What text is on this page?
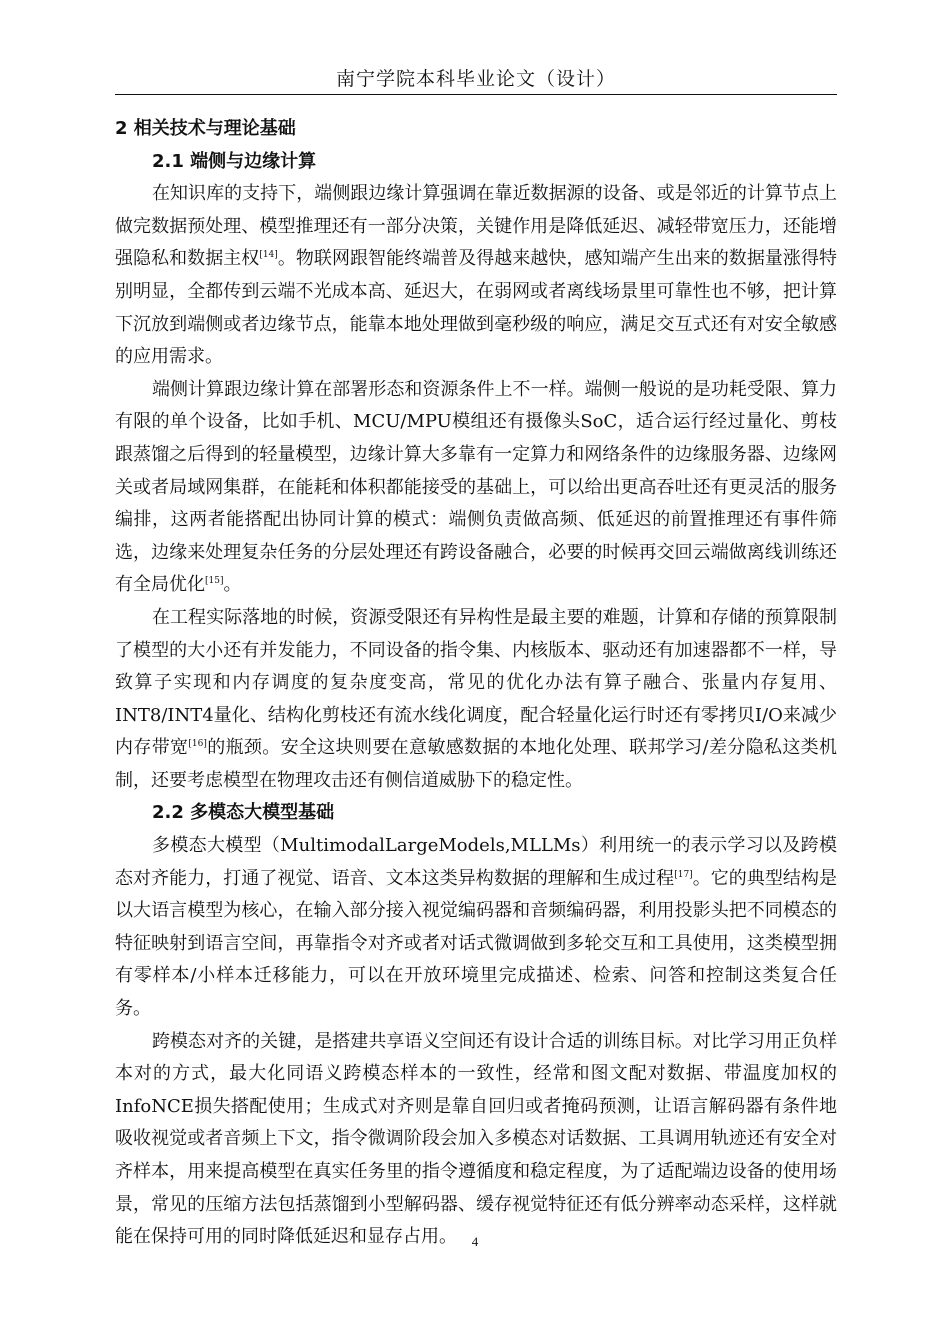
南宁学院本科毕业论文（设计）
2 相关技术与理论基础
2.1 端侧与边缘计算

在知识库的支持下，端侧跟边缘计算强调在靠近数据源的设备、或是邻近的计算节点上做完数据预处理、模型推理还有一部分决策，关键作用是降低延迟、减轻带宽压力，还能增强隐私和数据主权[14]。物联网跟智能终端普及得越来越快，感知端产生出来的数据量涨得特别明显，全都传到云端不光成本高、延迟大，在弱网或者离线场景里可靠性也不够，把计算下沉放到端侧或者边缘节点，能靠本地处理做到毫秒级的响应，满足交互式还有对安全敏感的应用需求。

端侧计算跟边缘计算在部署形态和资源条件上不一样。端侧一般说的是功耗受限、算力有限的单个设备，比如手机、MCU/MPU模组还有摄像头SoC，适合运行经过量化、剪枝跟蒸馏之后得到的轻量模型，边缘计算大多靠有一定算力和网络条件的边缘服务器、边缘网关或者局域网集群，在能耗和体积都能接受的基础上，可以给出更高吞吐还有更灵活的服务编排，这两者能搭配出协同计算的模式：端侧负责做高频、低延迟的前置推理还有事件筛选，边缘来处理复杂任务的分层处理还有跨设备融合，必要的时候再交回云端做离线训练还有全局优化[15]。

在工程实际落地的时候，资源受限还有异构性是最主要的难题，计算和存储的预算限制了模型的大小还有并发能力，不同设备的指令集、内核版本、驱动还有加速器都不一样，导致算子实现和内存调度的复杂度变高，常见的优化办法有算子融合、张量内存复用、INT8/INT4量化、结构化剪枝还有流水线化调度，配合轻量化运行时还有零拷贝I/O来减少内存带宽[16]的瓶颈。安全这块则要在意敏感数据的本地化处理、联邦学习/差分隐私这类机制，还要考虑模型在物理攻击还有侧信道威胁下的稳定性。

2.2 多模态大模型基础

多模态大模型（MultimodalLargeModels,MLLMs）利用统一的表示学习以及跨模态对齐能力，打通了视觉、语音、文本这类异构数据的理解和生成过程[17]。它的典型结构是以大语言模型为核心，在输入部分接入视觉编码器和音频编码器，利用投影头把不同模态的特征映射到语言空间，再靠指令对齐或者对话式微调做到多轮交互和工具使用，这类模型拥有零样本/小样本迁移能力，可以在开放环境里完成描述、检索、问答和控制这类复合任务。

跨模态对齐的关键，是搭建共享语义空间还有设计合适的训练目标。对比学习用正负样本对的方式，最大化同语义跨模态样本的一致性，经常和图文配对数据、带温度加权的InfoNCE损失搭配使用；生成式对齐则是靠自回归或者掩码预测，让语言解码器有条件地吸收视觉或者音频上下文，指令微调阶段会加入多模态对话数据、工具调用轨迹还有安全对齐样本，用来提高模型在真实任务里的指令遵循度和稳定程度，为了适配端边设备的使用场景，常见的压缩方法包括蒸馏到小型解码器、缓存视觉特征还有低分辨率动态采样，这样就能在保持可用的同时降低延迟和显存占用。	4
